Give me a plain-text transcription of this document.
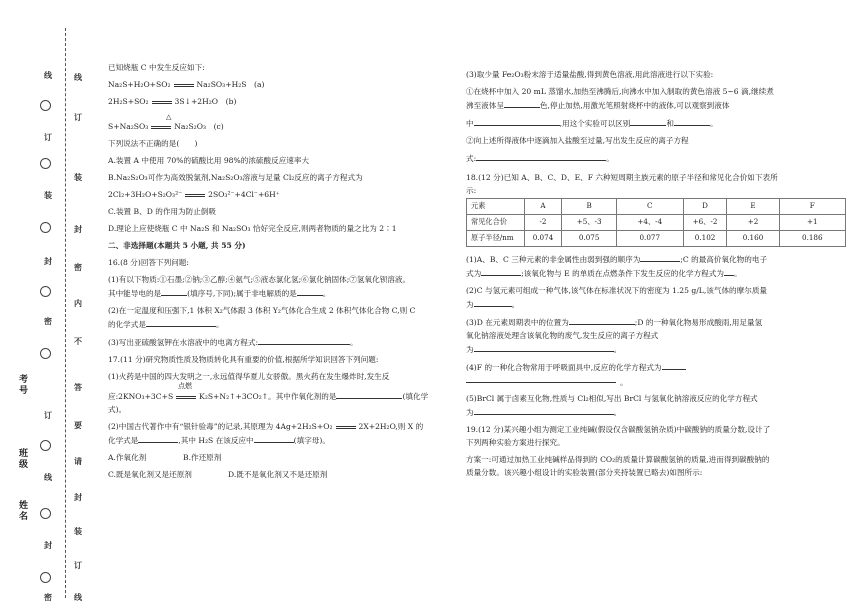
姓名
班级
考号
线
订
装
封
密
订
线
封
密
线
订
装
封
密
内
不
答
要
请
封
装
订
线

已知烧瓶 C 中发生反应如下:

Na₂S+H₂O+SO₂	Na₂SO₃+H₂S　(a)

2H₂S+SO₂	3S↓+2H₂O　(b)

△

S+Na₂SO₃	Na₂S₂O₃　(c)

下列说法不正确的是(　　)

A.装置 A 中使用 70%的硫酸比用 98%的浓硫酸反应速率大

B.Na₂S₂O₃可作为高效脱氯剂,Na₂S₂O₃溶液与足量 Cl₂反应的离子方程式为

2Cl₂+3H₂O+S₂O₃²⁻	2SO₃²⁻+4Cl⁻+6H⁺

C.装置 B、D 的作用为防止倒吸

D.理论上应使烧瓶 C 中 Na₂S 和 Na₂SO₃ 恰好完全反应,则两者物质的量之比为 2∶1

二、非选择题(本题共 5 小题, 共 55 分)

16.(8 分)回答下列问题:

(1)有以下物质:①石墨;②钠;③乙醇;④氨气;⑤液态氯化氢;⑥氯化钠固体;⑦氢氧化钡溶液。

其中能导电的是	(填序号,下同);属于非电解质的是	。

(2)在一定温度和压强下,1 体积 X₂气体跟 3 体积 Y₂气体化合生成 2 体积气体化合物 C,则 C

的化学式是	。

(3)写出亚硫酸氢钾在水溶液中的电离方程式:	。

17.(11 分)研究物质性质及物质转化具有重要的价值,根据所学知识回答下列问题:

(1)火药是中国的四大发明之一,永远值得华夏儿女骄傲。黑火药在发生爆炸时,发生反

点燃

应:2KNO₃+3C+S	K₂S+N₂↑+3CO₂↑。其中作氧化剂的是	(填化学

式)。

(2)中国古代著作中有“银针验毒”的记录,其原理为 4Ag+2H₂S+O₂	2X+2H₂O,则 X 的

化学式是	,其中 H₂S 在该反应中	(填字母)。

A.作氧化剂	B.作还原剂

C.既是氧化剂又是还原剂	D.既不是氧化剂又不是还原剂

(3)取少量 Fe₂O₃粉末溶于适量盐酸,得到黄色溶液,用此溶液进行以下实验:

①在烧杯中加入 20 mL 蒸馏水,加热至沸腾后,向沸水中加入制取的黄色溶液 5~6 滴,继续煮

沸至液体呈	色,停止加热,用激光笔照射烧杯中的液体,可以观察到液体

中	,用这个实验可以区别	和	。

②向上述所得液体中逐滴加入盐酸至过量,写出发生反应的离子方程

式:	。

18.(12 分)已知 A、B、C、D、E、F 六种短周期主族元素的原子半径和常见化合价如下表所

示:

元素	A	B	C	D	E	F
常见化合价	-2	+5、-3	+4、-4	+6、-2	+2	+1
原子半径/nm	0.074	0.075	0.077	0.102	0.160	0.186

(1)A、B、C 三种元素的非金属性由弱到强的顺序为	;C 的最高价氧化物的电子

式为	;该氧化物与 E 的单质在点燃条件下发生反应的化学方程式为 。

(2)C 与氢元素可组成一种气体,该气体在标准状况下的密度为 1.25 g/L,该气体的摩尔质量

为	。

(3)D 在元素周期表中的位置为	;D 的一种氧化物易形成酸雨,用足量氢

氧化钠溶液处理含该氧化物的废气,发生反应的离子方程式

为	。

(4)F 的一种化合物常用于呼吸面具中,反应的化学方程式为

。

(5)BrCl 属于卤素互化物,性质与 Cl₂相似,写出 BrCl 与氢氧化钠溶液反应的化学方程式

为	。

19.(12 分)某兴趣小组为测定工业纯碱(假设仅含碳酸氢钠杂质)中碳酸钠的质量分数,设计了

下列两种实验方案进行探究。

方案一:可通过加热工业纯碱样品得到的 CO₂的质量计算碳酸氢钠的质量,进而得到碳酸钠的

质量分数。该兴趣小组设计的实验装置(部分夹持装置已略去)如图所示:
